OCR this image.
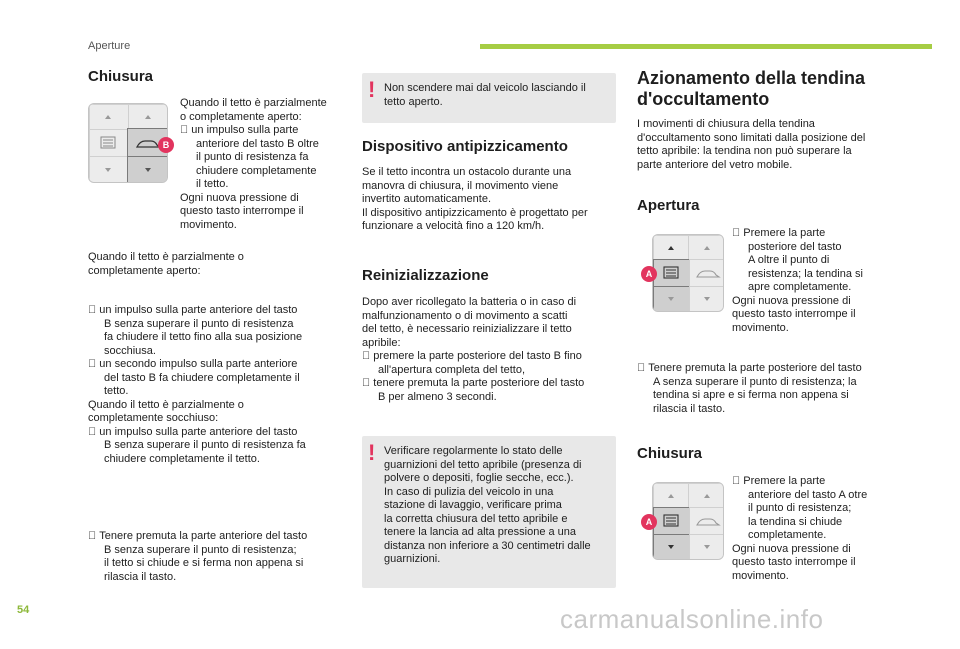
Aperture
Chiusura
B

Quando il tetto è parzialmente

o completamente aperto:

un impulso sulla parte

anteriore del tasto B oltre

il punto di resistenza fa

chiudere completamente

il tetto.

Ogni nuova pressione di

questo tasto interrompe il

movimento.

Quando il tetto è parzialmente o

completamente aperto:

un impulso sulla parte anteriore del tasto

B senza superare il punto di resistenza

fa chiudere il tetto fino alla sua posizione

socchiusa.

un secondo impulso sulla parte anteriore

del tasto B fa chiudere completamente il

tetto.

Quando il tetto è parzialmente o

completamente socchiuso:

un impulso sulla parte anteriore del tasto

B senza superare il punto di resistenza fa

chiudere completamente il tetto.

Tenere premuta la parte anteriore del tasto

B senza superare il punto di resistenza;

il tetto si chiude e si ferma non appena si

rilascia il tasto.

! Non scendere mai dal veicolo lasciando il

tetto aperto.

Dispositivo antipizzicamento

Se il tetto incontra un ostacolo durante una

manovra di chiusura, il movimento viene

invertito automaticamente.

Il dispositivo antipizzicamento è progettato per

funzionare a velocità fino a 120 km/h.

Reinizializzazione

Dopo aver ricollegato la batteria o in caso di

malfunzionamento o di movimento a scatti

del tetto, è necessario reinizializzare il tetto

apribile:

premere la parte posteriore del tasto B fino

all'apertura completa del tetto,

tenere premuta la parte posteriore del tasto

B per almeno 3 secondi.

! Verificare regolarmente lo stato delle

guarnizioni del tetto apribile (presenza di

polvere o depositi, foglie secche, ecc.).

In caso di pulizia del veicolo in una

stazione di lavaggio, verificare prima

la corretta chiusura del tetto apribile e

tenere la lancia ad alta pressione a una

distanza non inferiore a 30 centimetri dalle

guarnizioni.

Azionamento della tendina
d'occultamento

I movimenti di chiusura della tendina

d'occultamento sono limitati dalla posizione del

tetto apribile: la tendina non può superare la

parte anteriore del vetro mobile.

Apertura
A

Premere la parte

posteriore del tasto

A oltre il punto di

resistenza; la tendina si

apre completamente.

Ogni nuova pressione di

questo tasto interrompe il

movimento.

Tenere premuta la parte posteriore del tasto

A senza superare il punto di resistenza; la

tendina si apre e si ferma non appena si

rilascia il tasto.

Chiusura
A

Premere la parte

anteriore del tasto A otre

il punto di resistenza;

la tendina si chiude

completamente.

Ogni nuova pressione di

questo tasto interrompe il

movimento.

54	carmanualsonline.info
